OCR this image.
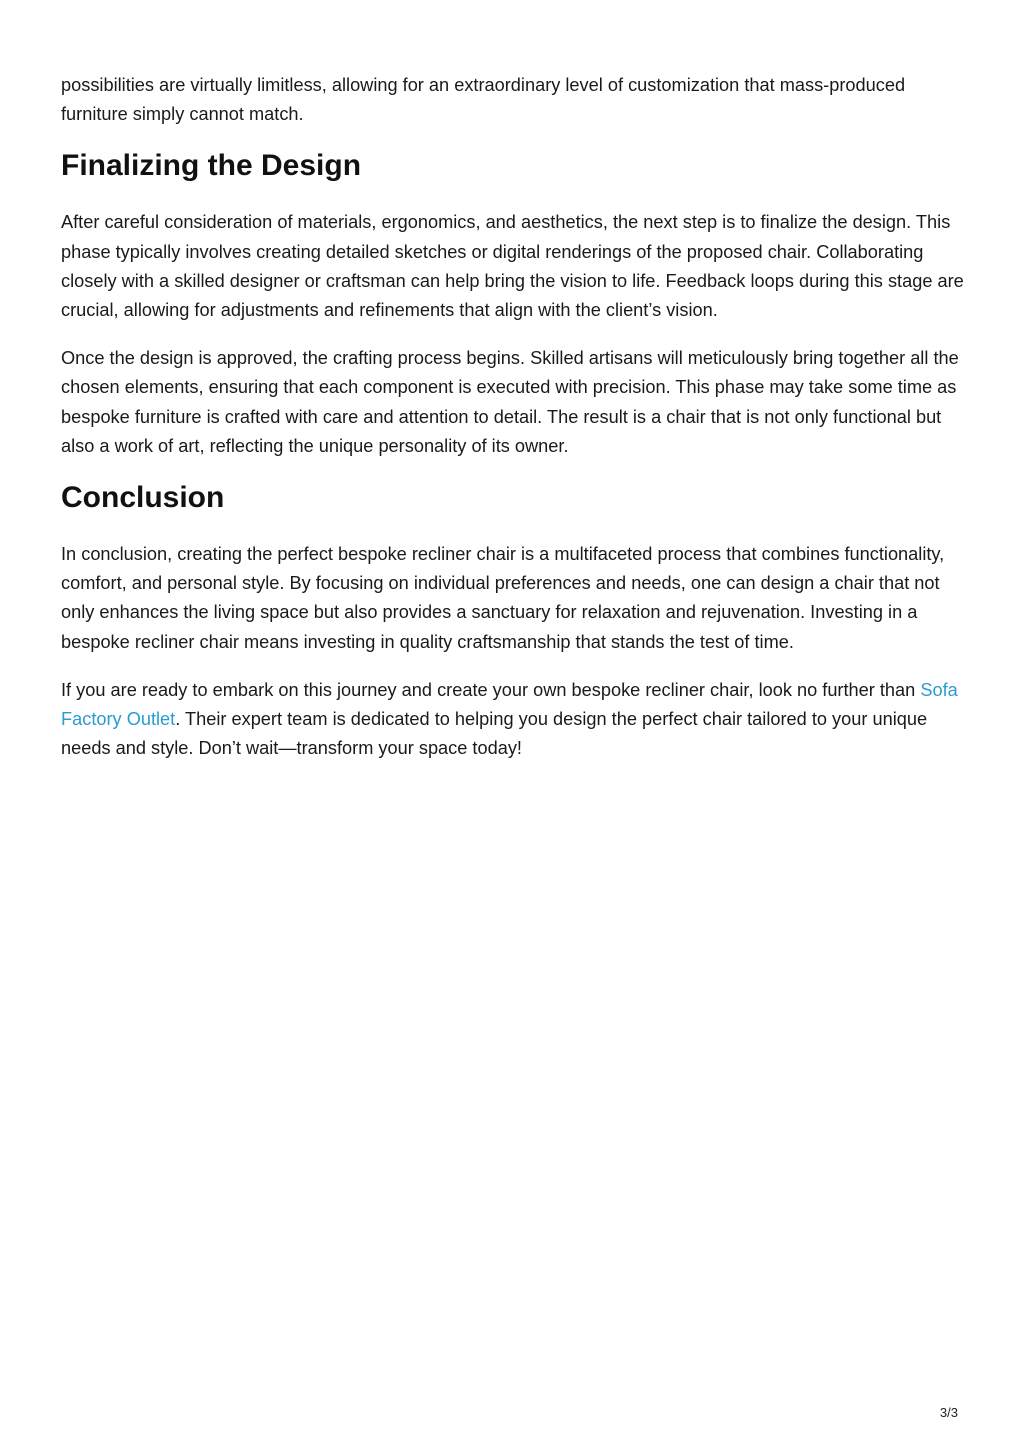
possibilities are virtually limitless, allowing for an extraordinary level of customization that mass-produced furniture simply cannot match.

Finalizing the Design

After careful consideration of materials, ergonomics, and aesthetics, the next step is to finalize the design. This phase typically involves creating detailed sketches or digital renderings of the proposed chair. Collaborating closely with a skilled designer or craftsman can help bring the vision to life. Feedback loops during this stage are crucial, allowing for adjustments and refinements that align with the client’s vision.

Once the design is approved, the crafting process begins. Skilled artisans will meticulously bring together all the chosen elements, ensuring that each component is executed with precision. This phase may take some time as bespoke furniture is crafted with care and attention to detail. The result is a chair that is not only functional but also a work of art, reflecting the unique personality of its owner.

Conclusion

In conclusion, creating the perfect bespoke recliner chair is a multifaceted process that combines functionality, comfort, and personal style. By focusing on individual preferences and needs, one can design a chair that not only enhances the living space but also provides a sanctuary for relaxation and rejuvenation. Investing in a bespoke recliner chair means investing in quality craftsmanship that stands the test of time.

If you are ready to embark on this journey and create your own bespoke recliner chair, look no further than Sofa Factory Outlet. Their expert team is dedicated to helping you design the perfect chair tailored to your unique needs and style. Don’t wait—transform your space today!

3/3
